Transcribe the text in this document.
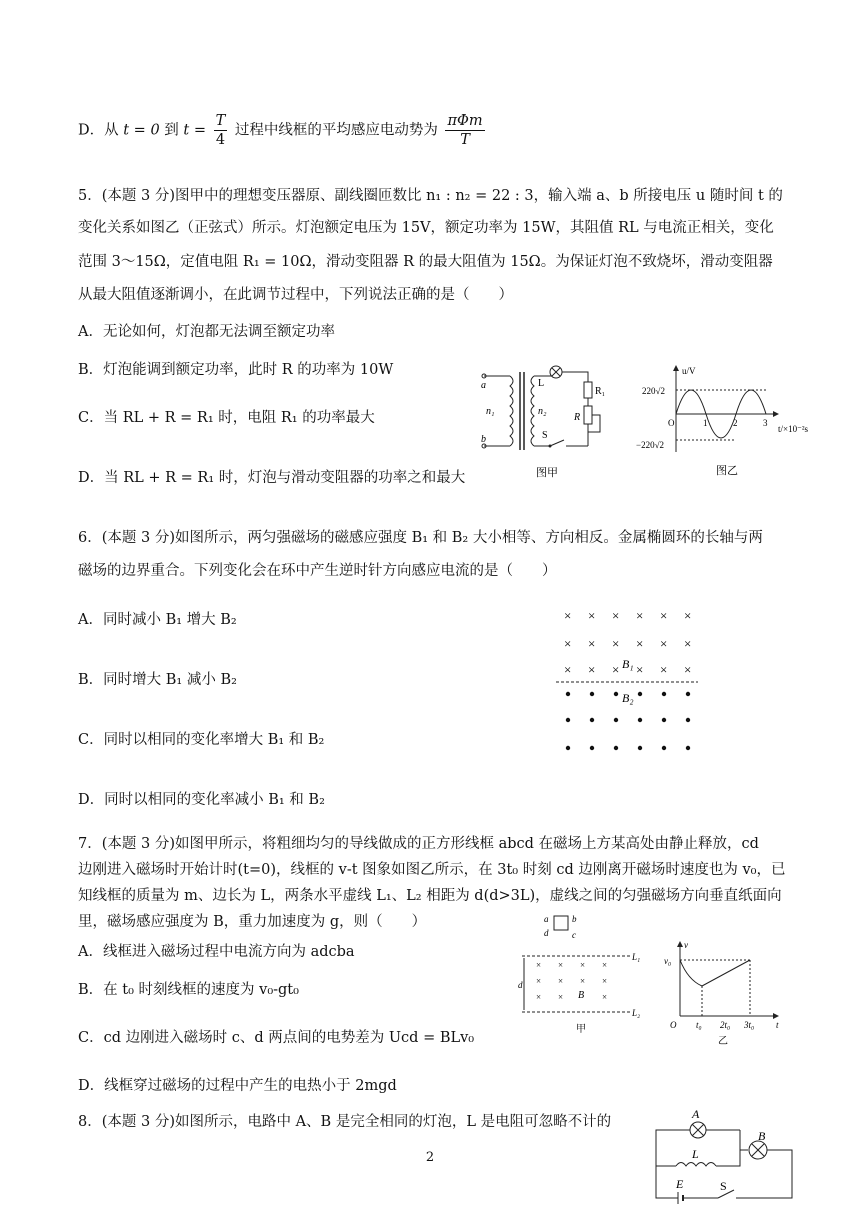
D．从 t = 0 到 $t = \frac{T}{4}$ 过程中线框的平均感应电动势为 $\frac{\text{πΦm}}{T}$
5．(本题 3 分)图甲中的理想变压器原、副线圈匝数比 n₁ : n₂ = 22 : 3，输入端 a、b 所接电压 u 随时间 t 的
变化关系如图乙（正弦式）所示。灯泡额定电压为 15V，额定功率为 15W，其阻值 RL 与电流正相关，变化
范围 3～15Ω，定值电阻 R₁ = 10Ω，滑动变阻器 R 的最大阻值为 15Ω。为保证灯泡不致烧坏，滑动变阻器
从最大阻值逐渐调小，在此调节过程中，下列说法正确的是（　　）
A．无论如何，灯泡都无法调至额定功率
B．灯泡能调到额定功率，此时 R 的功率为 10W
C．当 RL + R = R₁ 时，电阻 R₁ 的功率最大
D．当 RL + R = R₁ 时，灯泡与滑动变阻器的功率之和最大
a
b
n₁	n₂
L
R₁
R
S
图甲
u/V
t/×10⁻²s
220√2
−220√2
O	1	2	3
图乙
6．(本题 3 分)如图所示，两匀强磁场的磁感应强度 B₁ 和 B₂ 大小相等、方向相反。金属椭圆环的长轴与两
磁场的边界重合。下列变化会在环中产生逆时针方向感应电流的是（　　）
A．同时减小 B₁ 增大 B₂
B．同时增大 B₁ 减小 B₂
C．同时以相同的变化率增大 B₁ 和 B₂
D．同时以相同的变化率减小 B₁ 和 B₂
× × × × × ×
× × × × × ×
× × × × × ×
B₁
B₂
7．(本题 3 分)如图甲所示，将粗细均匀的导线做成的正方形线框 abcd 在磁场上方某高处由静止释放，cd
边刚进入磁场时开始计时(t=0)，线框的 v-t 图象如图乙所示，在 3t₀ 时刻 cd 边刚离开磁场时速度也为 v₀，已
知线框的质量为 m、边长为 L，两条水平虚线 L₁、L₂ 相距为 d(d>3L)，虚线之间的匀强磁场方向垂直纸面向
里，磁场感应强度为 B，重力加速度为 g，则（　　）
A．线框进入磁场过程中电流方向为 adcba
B．在 t₀ 时刻线框的速度为 v₀-gt₀
C．cd 边刚进入磁场时 c、d 两点间的电势差为 Ucd = BLv₀
D．线框穿过磁场的过程中产生的电热小于 2mgd
a	b
d	c
L₁
L₂
d
× × × ×
× × × ×
× ×	×
B
甲
v
v₀
O t₀ 2t₀ 3t₀ t
乙
8．(本题 3 分)如图所示，电路中 A、B 是完全相同的灯泡，L 是电阻可忽略不计的	A
B
L
E	S
2
